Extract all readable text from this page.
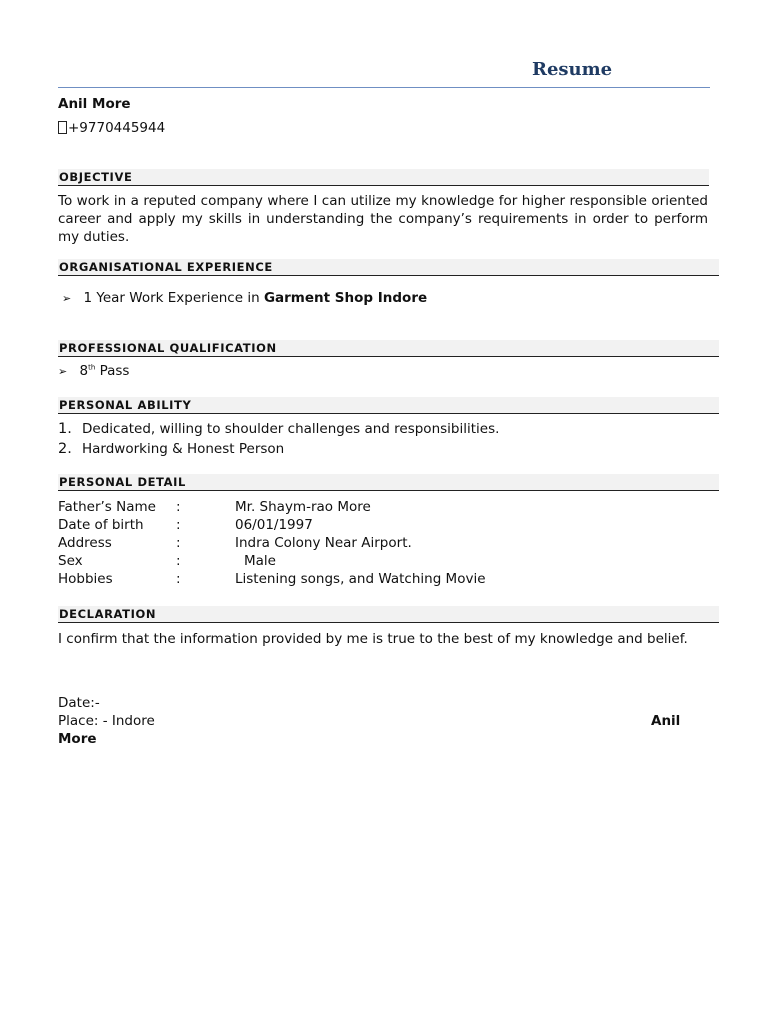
Resume
Anil More
+9770445944
OBJECTIVE
To work in a reputed company where I can utilize my knowledge for higher responsible oriented career and apply my skills in understanding the company’s requirements in order to perform my duties.
ORGANISATIONAL EXPERIENCE
➢ 1 Year Work Experience in Garment Shop Indore
PROFESSIONAL QUALIFICATION
➢ 8th Pass
PERSONAL ABILITY
1. Dedicated, willing to shoulder challenges and responsibilities.
2. Hardworking & Honest Person
PERSONAL DETAIL
Father’s Name :	Mr. Shaym-rao More
Date of birth :	06/01/1997
Address	:	Indra Colony Near Airport.
Sex	:	Male
Hobbies	:	Listening songs, and Watching Movie
DECLARATION
I confirm that the information provided by me is true to the best of my knowledge and belief.
Date:-
Place: - Indore	Anil
More
